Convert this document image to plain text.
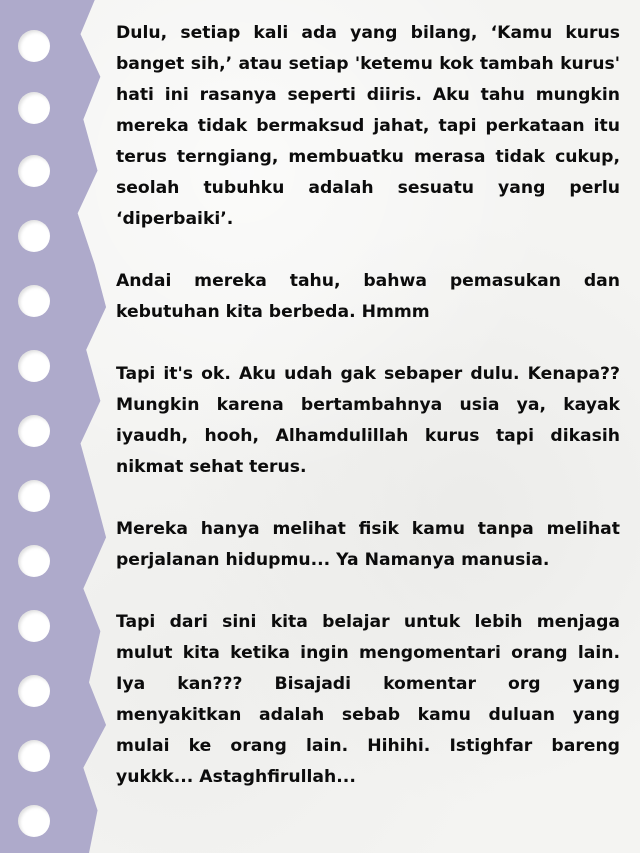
Dulu, setiap kali ada yang bilang, ‘Kamu kurus banget sih,’ atau setiap 'ketemu kok tambah kurus' hati ini rasanya seperti diiris. Aku tahu mungkin mereka tidak bermaksud jahat, tapi perkataan itu terus terngiang, membuatku merasa tidak cukup, seolah tubuhku adalah sesuatu yang perlu ‘diperbaiki’.

Andai mereka tahu, bahwa pemasukan dan kebutuhan kita berbeda. Hmmm

Tapi it's ok. Aku udah gak sebaper dulu. Kenapa?? Mungkin karena bertambahnya usia ya, kayak iyaudh, hooh, Alhamdulillah kurus tapi dikasih nikmat sehat terus.

Mereka hanya melihat fisik kamu tanpa melihat perjalanan hidupmu... Ya Namanya manusia.

Tapi dari sini kita belajar untuk lebih menjaga mulut kita ketika ingin mengomentari orang lain. Iya kan??? Bisajadi komentar org yang menyakitkan adalah sebab kamu duluan yang mulai ke orang lain. Hihihi. Istighfar bareng yukkk... Astaghfirullah...
